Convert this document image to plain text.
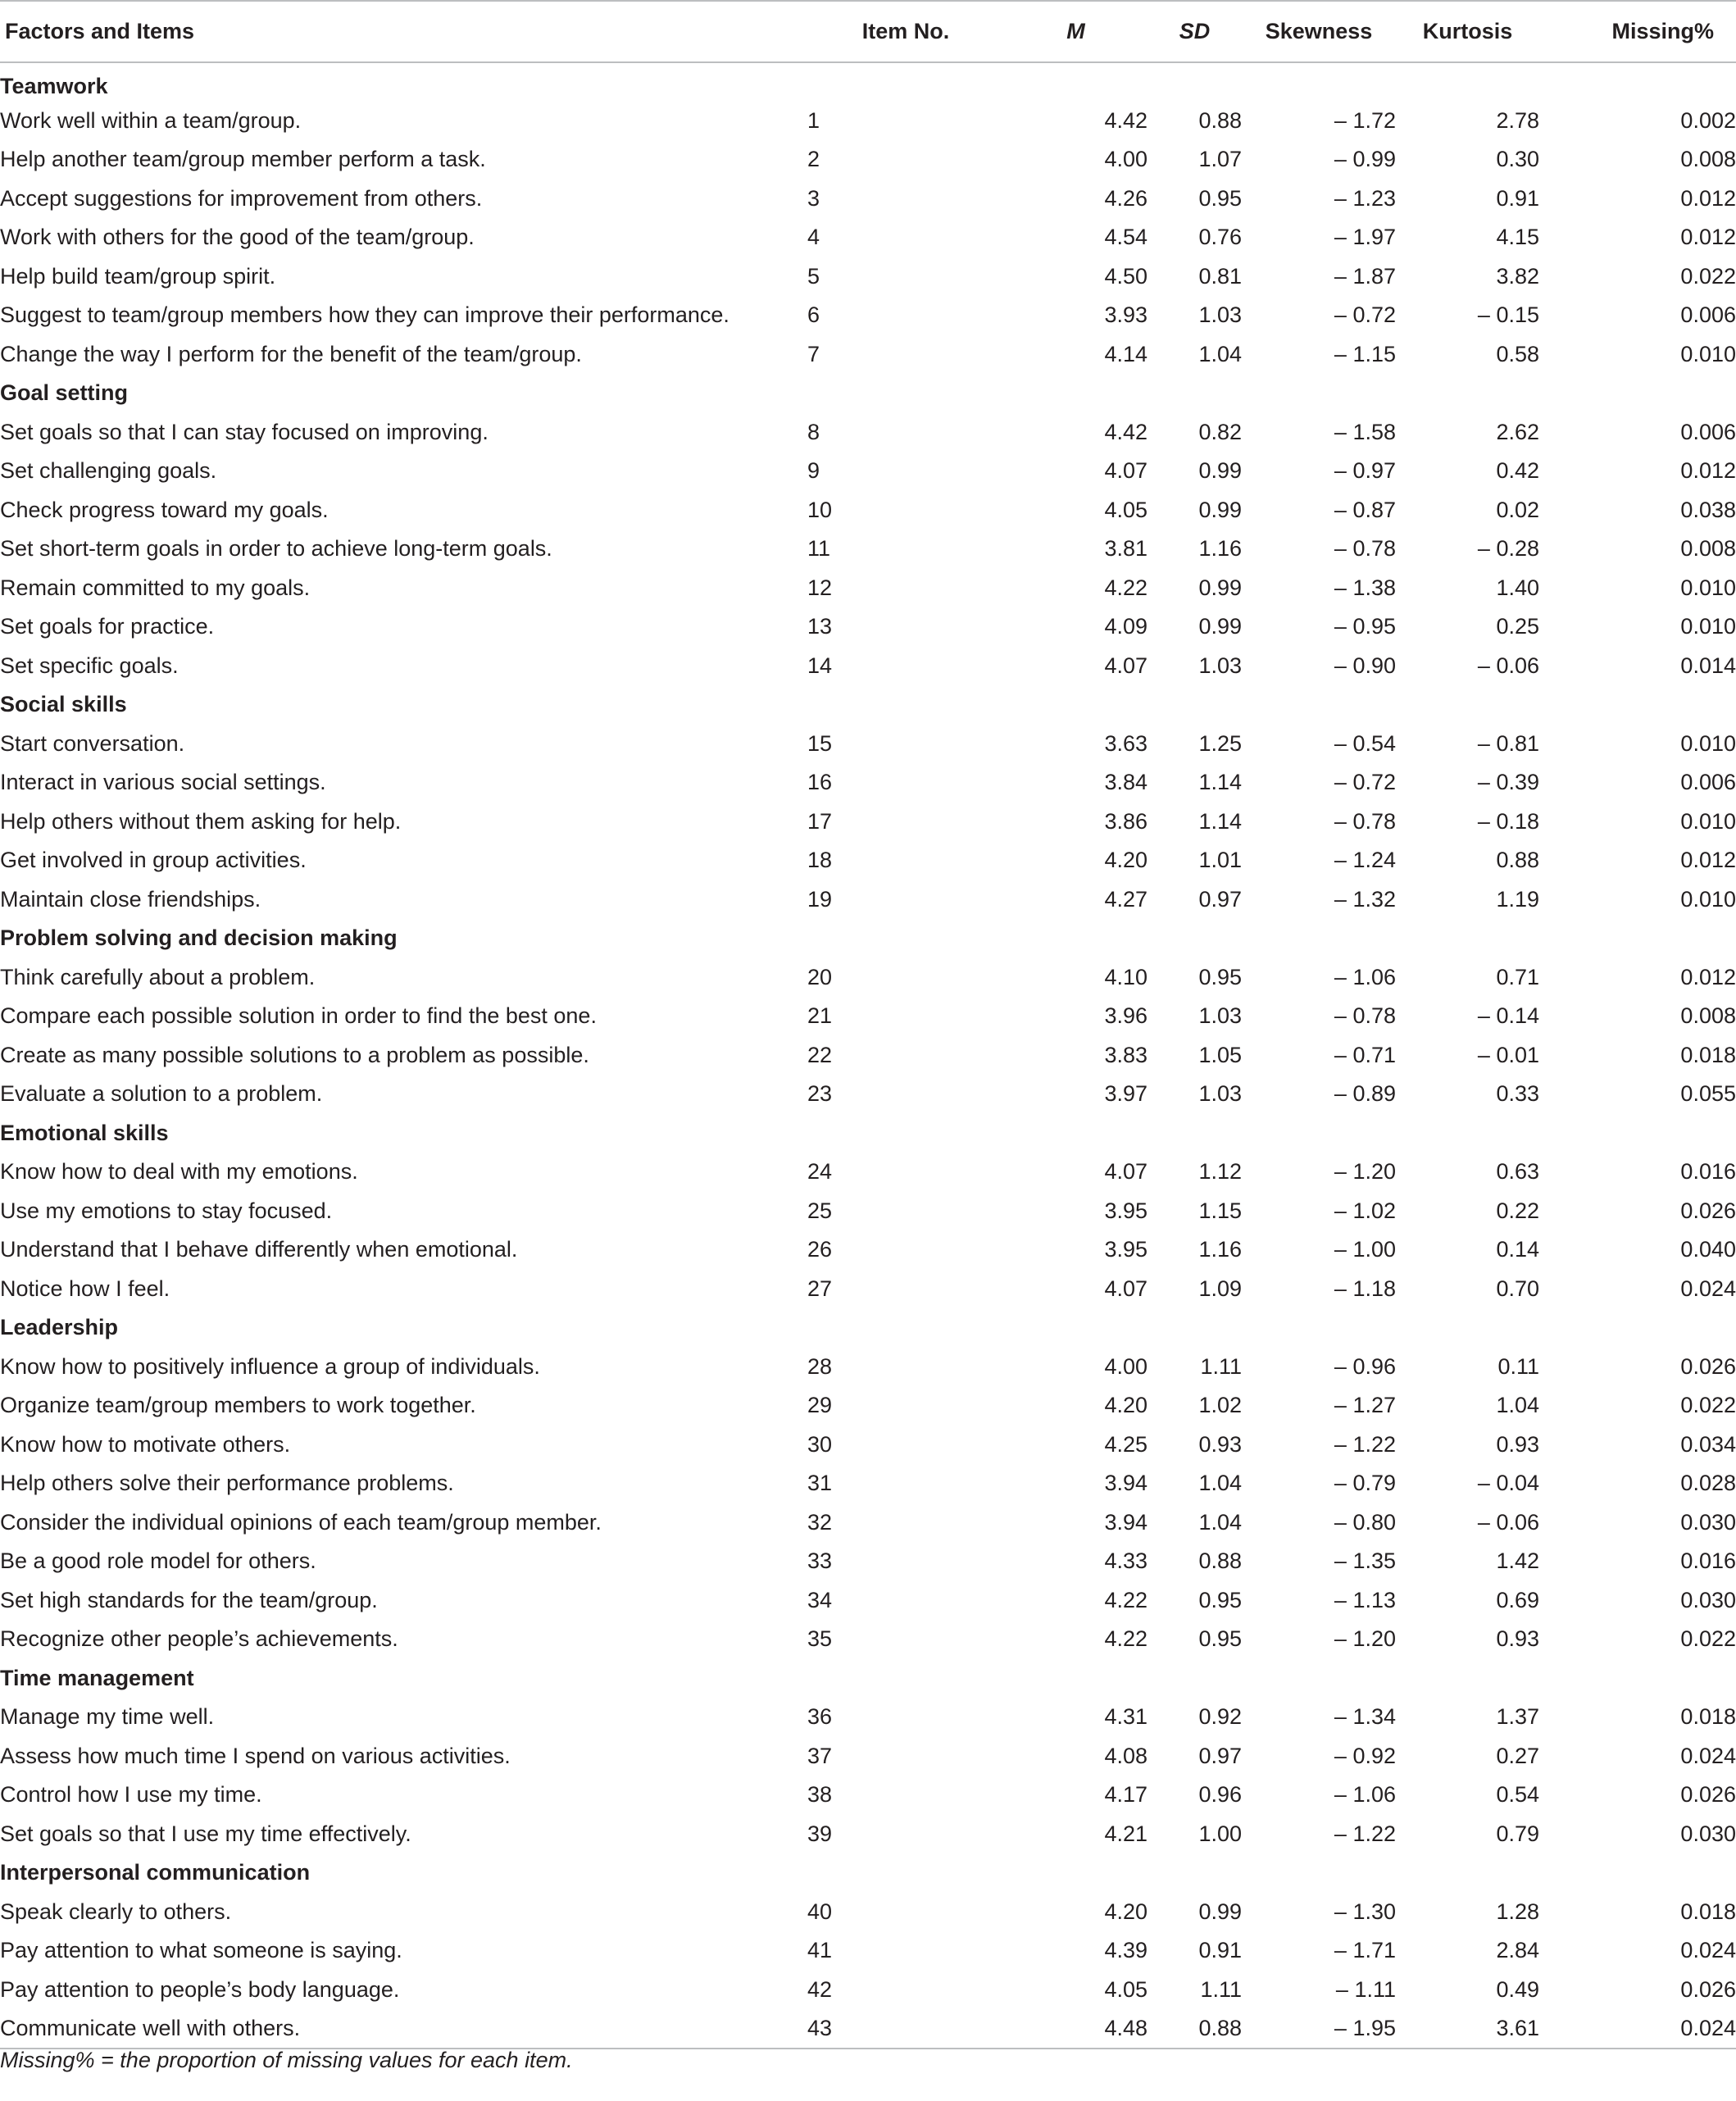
Factors and Items	Item No.	M	SD	Skewness	Kurtosis	Missing%
Teamwork						
Work well within a team/group.	1	4.42	0.88	– 1.72	2.78	0.002
Help another team/group member perform a task.	2	4.00	1.07	– 0.99	0.30	0.008
Accept suggestions for improvement from others.	3	4.26	0.95	– 1.23	0.91	0.012
Work with others for the good of the team/group.	4	4.54	0.76	– 1.97	4.15	0.012
Help build team/group spirit.	5	4.50	0.81	– 1.87	3.82	0.022
Suggest to team/group members how they can improve their performance.	6	3.93	1.03	– 0.72	– 0.15	0.006
Change the way I perform for the benefit of the team/group.	7	4.14	1.04	– 1.15	0.58	0.010
Goal setting						
Set goals so that I can stay focused on improving.	8	4.42	0.82	– 1.58	2.62	0.006
Set challenging goals.	9	4.07	0.99	– 0.97	0.42	0.012
Check progress toward my goals.	10	4.05	0.99	– 0.87	0.02	0.038
Set short-term goals in order to achieve long-term goals.	11	3.81	1.16	– 0.78	– 0.28	0.008
Remain committed to my goals.	12	4.22	0.99	– 1.38	1.40	0.010
Set goals for practice.	13	4.09	0.99	– 0.95	0.25	0.010
Set specific goals.	14	4.07	1.03	– 0.90	– 0.06	0.014
Social skills						
Start conversation.	15	3.63	1.25	– 0.54	– 0.81	0.010
Interact in various social settings.	16	3.84	1.14	– 0.72	– 0.39	0.006
Help others without them asking for help.	17	3.86	1.14	– 0.78	– 0.18	0.010
Get involved in group activities.	18	4.20	1.01	– 1.24	0.88	0.012
Maintain close friendships.	19	4.27	0.97	– 1.32	1.19	0.010
Problem solving and decision making						
Think carefully about a problem.	20	4.10	0.95	– 1.06	0.71	0.012
Compare each possible solution in order to find the best one.	21	3.96	1.03	– 0.78	– 0.14	0.008
Create as many possible solutions to a problem as possible.	22	3.83	1.05	– 0.71	– 0.01	0.018
Evaluate a solution to a problem.	23	3.97	1.03	– 0.89	0.33	0.055
Emotional skills						
Know how to deal with my emotions.	24	4.07	1.12	– 1.20	0.63	0.016
Use my emotions to stay focused.	25	3.95	1.15	– 1.02	0.22	0.026
Understand that I behave differently when emotional.	26	3.95	1.16	– 1.00	0.14	0.040
Notice how I feel.	27	4.07	1.09	– 1.18	0.70	0.024
Leadership						
Know how to positively influence a group of individuals.	28	4.00	1.11	– 0.96	0.11	0.026
Organize team/group members to work together.	29	4.20	1.02	– 1.27	1.04	0.022
Know how to motivate others.	30	4.25	0.93	– 1.22	0.93	0.034
Help others solve their performance problems.	31	3.94	1.04	– 0.79	– 0.04	0.028
Consider the individual opinions of each team/group member.	32	3.94	1.04	– 0.80	– 0.06	0.030
Be a good role model for others.	33	4.33	0.88	– 1.35	1.42	0.016
Set high standards for the team/group.	34	4.22	0.95	– 1.13	0.69	0.030
Recognize other people’s achievements.	35	4.22	0.95	– 1.20	0.93	0.022
Time management						
Manage my time well.	36	4.31	0.92	– 1.34	1.37	0.018
Assess how much time I spend on various activities.	37	4.08	0.97	– 0.92	0.27	0.024
Control how I use my time.	38	4.17	0.96	– 1.06	0.54	0.026
Set goals so that I use my time effectively.	39	4.21	1.00	– 1.22	0.79	0.030
Interpersonal communication						
Speak clearly to others.	40	4.20	0.99	– 1.30	1.28	0.018
Pay attention to what someone is saying.	41	4.39	0.91	– 1.71	2.84	0.024
Pay attention to people’s body language.	42	4.05	1.11	– 1.11	0.49	0.026
Communicate well with others.	43	4.48	0.88	– 1.95	3.61	0.024
Missing% = the proportion of missing values for each item.						
